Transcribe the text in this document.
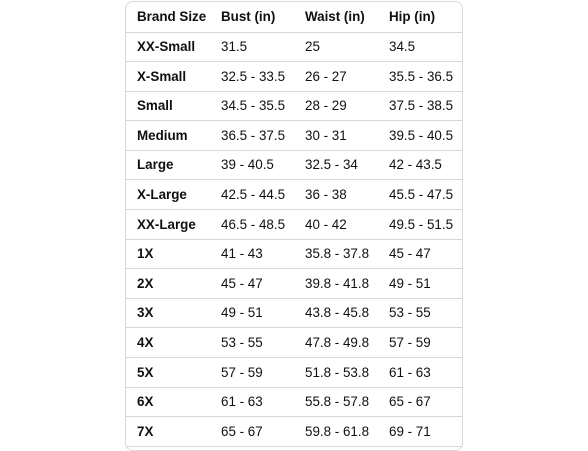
Brand Size	Bust (in)	Waist (in)	Hip (in)
XX-Small	31.5	25	34.5
X-Small	32.5 - 33.5	26 - 27	35.5 - 36.5
Small	34.5 - 35.5	28 - 29	37.5 - 38.5
Medium	36.5 - 37.5	30 - 31	39.5 - 40.5
Large	39 - 40.5	32.5 - 34	42 - 43.5
X-Large	42.5 - 44.5	36 - 38	45.5 - 47.5
XX-Large	46.5 - 48.5	40 - 42	49.5 - 51.5
1X	41 - 43	35.8 - 37.8	45 - 47
2X	45 - 47	39.8 - 41.8	49 - 51
3X	49 - 51	43.8 - 45.8	53 - 55
4X	53 - 55	47.8 - 49.8	57 - 59
5X	57 - 59	51.8 - 53.8	61 - 63
6X	61 - 63	55.8 - 57.8	65 - 67
7X	65 - 67	59.8 - 61.8	69 - 71
